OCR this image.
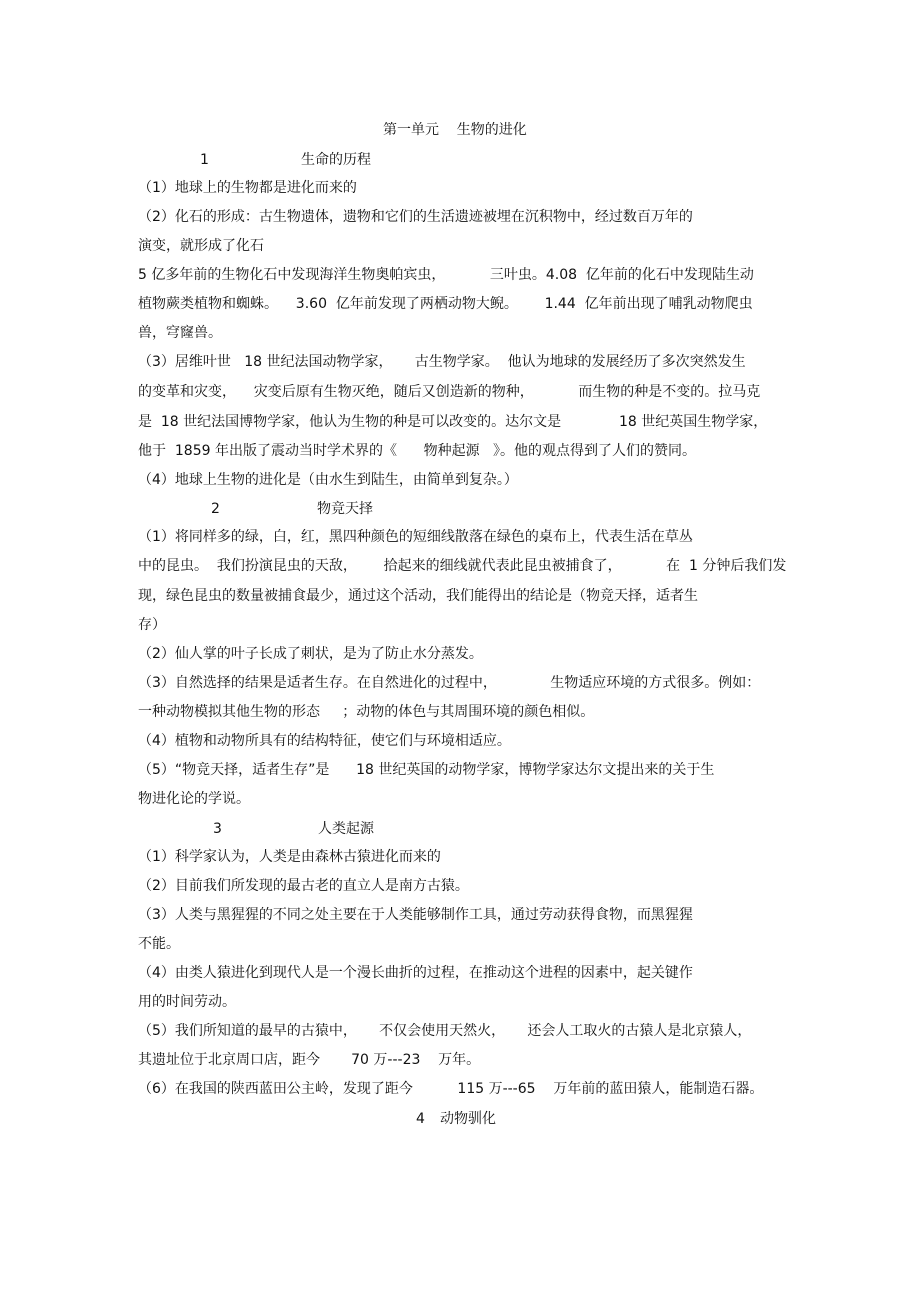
第一单元    生物的进化
1	生命的历程
（1）地球上的生物都是进化而来的
（2）化石的形成：古生物遗体，遗物和它们的生活遗迹被埋在沉积物中，经过数百万年的
演变，就形成了化石
5 亿多年前的生物化石中发现海洋生物奥帕宾虫，          三叶虫。4.08  亿年前的化石中发现陆生动
植物蕨类植物和蜘蛛。    3.60  亿年前发现了两栖动物大鲵。      1.44  亿年前出现了哺乳动物爬虫
兽，穹窿兽。
（3）居维叶世   18 世纪法国动物学家，     古生物学家。  他认为地球的发展经历了多次突然发生
的变革和灾变，    灾变后原有生物灭绝，随后又创造新的物种，          而生物的种是不变的。拉马克
是  18 世纪法国博物学家，他认为生物的种是可以改变的。达尔文是             18 世纪英国生物学家，
他于  1859 年出版了震动当时学术界的《      物种起源   》。他的观点得到了人们的赞同。
（4）地球上生物的进化是（由水生到陆生，由简单到复杂。）
2	物竞天择
（1）将同样多的绿，白，红，黑四种颜色的短细线散落在绿色的桌布上，代表生活在草丛
中的昆虫。  我们扮演昆虫的天敌，      拾起来的细线就代表此昆虫被捕食了，          在  1 分钟后我们发
现，绿色昆虫的数量被捕食最少，通过这个活动，我们能得出的结论是（物竞天择，适者生
存）
（2）仙人掌的叶子长成了刺状，是为了防止水分蒸发。
（3）自然选择的结果是适者生存。在自然进化的过程中，            生物适应环境的方式很多。例如：
一种动物模拟其他生物的形态     ；动物的体色与其周围环境的颜色相似。
（4）植物和动物所具有的结构特征，使它们与环境相适应。
（5）“物竞天择，适者生存”是      18 世纪英国的动物学家，博物学家达尔文提出来的关于生
物进化论的学说。
3	人类起源
（1）科学家认为，人类是由森林古猿进化而来的
（2）目前我们所发现的最古老的直立人是南方古猿。
（3）人类与黑猩猩的不同之处主要在于人类能够制作工具，通过劳动获得食物，而黑猩猩
不能。
（4）由类人猿进化到现代人是一个漫长曲折的过程，在推动这个进程的因素中，起关键作
用的时间劳动。
（5）我们所知道的最早的古猿中，     不仅会使用天然火，     还会人工取火的古猿人是北京猿人，
其遗址位于北京周口店，距今       70 万---23    万年。
（6）在我国的陕西蓝田公主岭，发现了距今          115 万---65    万年前的蓝田猿人，能制造石器。
4 动物驯化
